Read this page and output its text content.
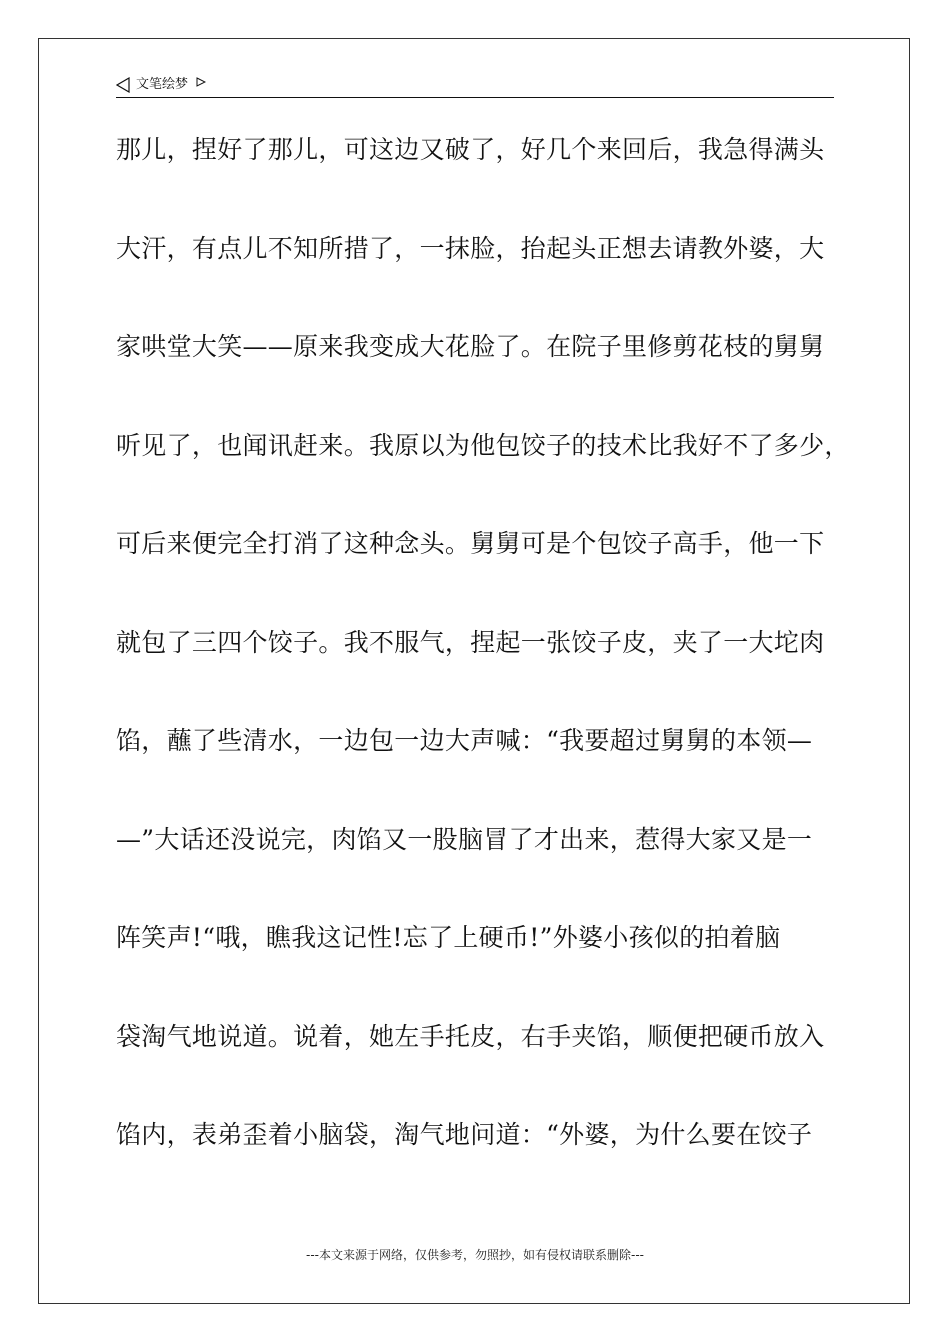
文笔绘梦
那儿，捏好了那儿，可这边又破了，好几个来回后，我急得满头
大汗，有点儿不知所措了，一抹脸，抬起头正想去请教外婆，大
家哄堂大笑——原来我变成大花脸了。在院子里修剪花枝的舅舅
听见了，也闻讯赶来。我原以为他包饺子的技术比我好不了多少，
可后来便完全打消了这种念头。舅舅可是个包饺子高手，他一下
就包了三四个饺子。我不服气，捏起一张饺子皮，夹了一大坨肉
馅，蘸了些清水，一边包一边大声喊：“我要超过舅舅的本领—
—”大话还没说完，肉馅又一股脑冒了才出来，惹得大家又是一
阵笑声!“哦，瞧我这记性!忘了上硬币!”外婆小孩似的拍着脑
袋淘气地说道。说着，她左手托皮，右手夹馅，顺便把硬币放入
馅内，表弟歪着小脑袋，淘气地问道：“外婆，为什么要在饺子
---本文来源于网络，仅供参考，勿照抄，如有侵权请联系删除---
